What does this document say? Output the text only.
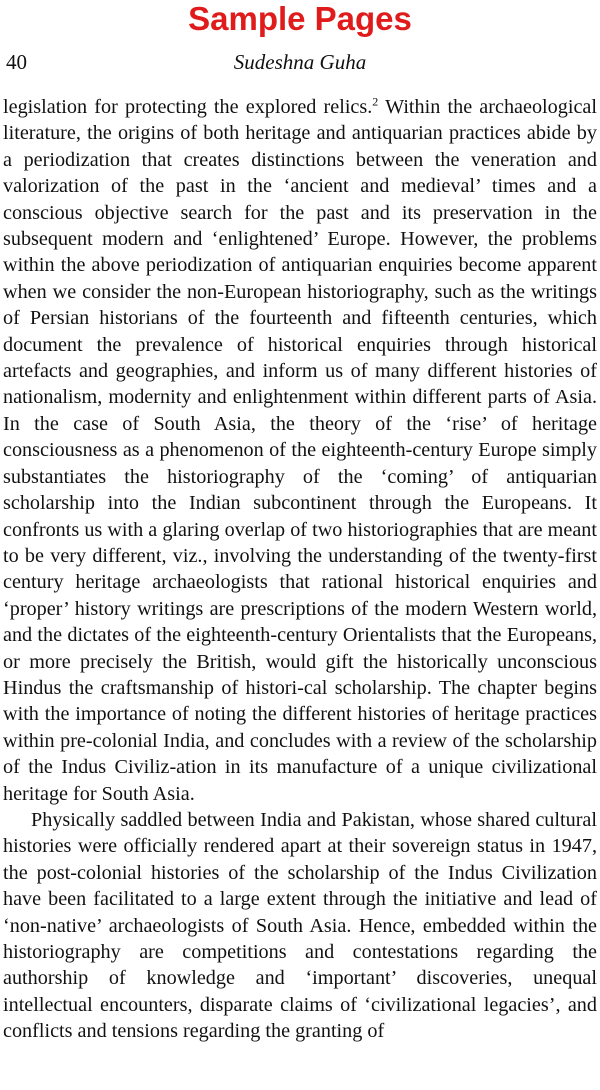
Sample Pages
40	Sudeshna Guha

legislation for protecting the explored relics.$^2$ Within the archaeological literature, the origins of both heritage and antiquarian practices abide by a periodization that creates distinctions between the veneration and valorization of the past in the ‘ancient and medieval’ times and a conscious objective search for the past and its preservation in the subsequent modern and ‘enlightened’ Europe. However, the problems within the above periodization of antiquarian enquiries become apparent when we consider the non-European historiography, such as the writings of Persian historians of the fourteenth and fifteenth centuries, which document the prevalence of historical enquiries through historical artefacts and geographies, and inform us of many different histories of nationalism, modernity and enlightenment within different parts of Asia. In the case of South Asia, the theory of the ‘rise’ of heritage consciousness as a phenomenon of the eighteenth-century Europe simply substantiates the historiography of the ‘coming’ of antiquarian scholarship into the Indian subcontinent through the Europeans. It confronts us with a glaring overlap of two historiographies that are meant to be very different, viz., involving the understanding of the twenty-first century heritage archaeologists that rational historical enquiries and ‘proper’ history writings are prescriptions of the modern Western world, and the dictates of the eighteenth-century Orientalists that the Europeans, or more precisely the British, would gift the historically unconscious Hindus the craftsmanship of histori-cal scholarship. The chapter begins with the importance of noting the different histories of heritage practices within pre-colonial India, and concludes with a review of the scholarship of the Indus Civiliz-ation in its manufacture of a unique civilizational heritage for South Asia.

Physically saddled between India and Pakistan, whose shared cultural histories were officially rendered apart at their sovereign status in 1947, the post-colonial histories of the scholarship of the Indus Civilization have been facilitated to a large extent through the initiative and lead of ‘non-native’ archaeologists of South Asia. Hence, embedded within the historiography are competitions and contestations regarding the authorship of knowledge and ‘important’ discoveries, unequal intellectual encounters, disparate claims of ‘civilizational legacies’, and conflicts and tensions regarding the granting of
